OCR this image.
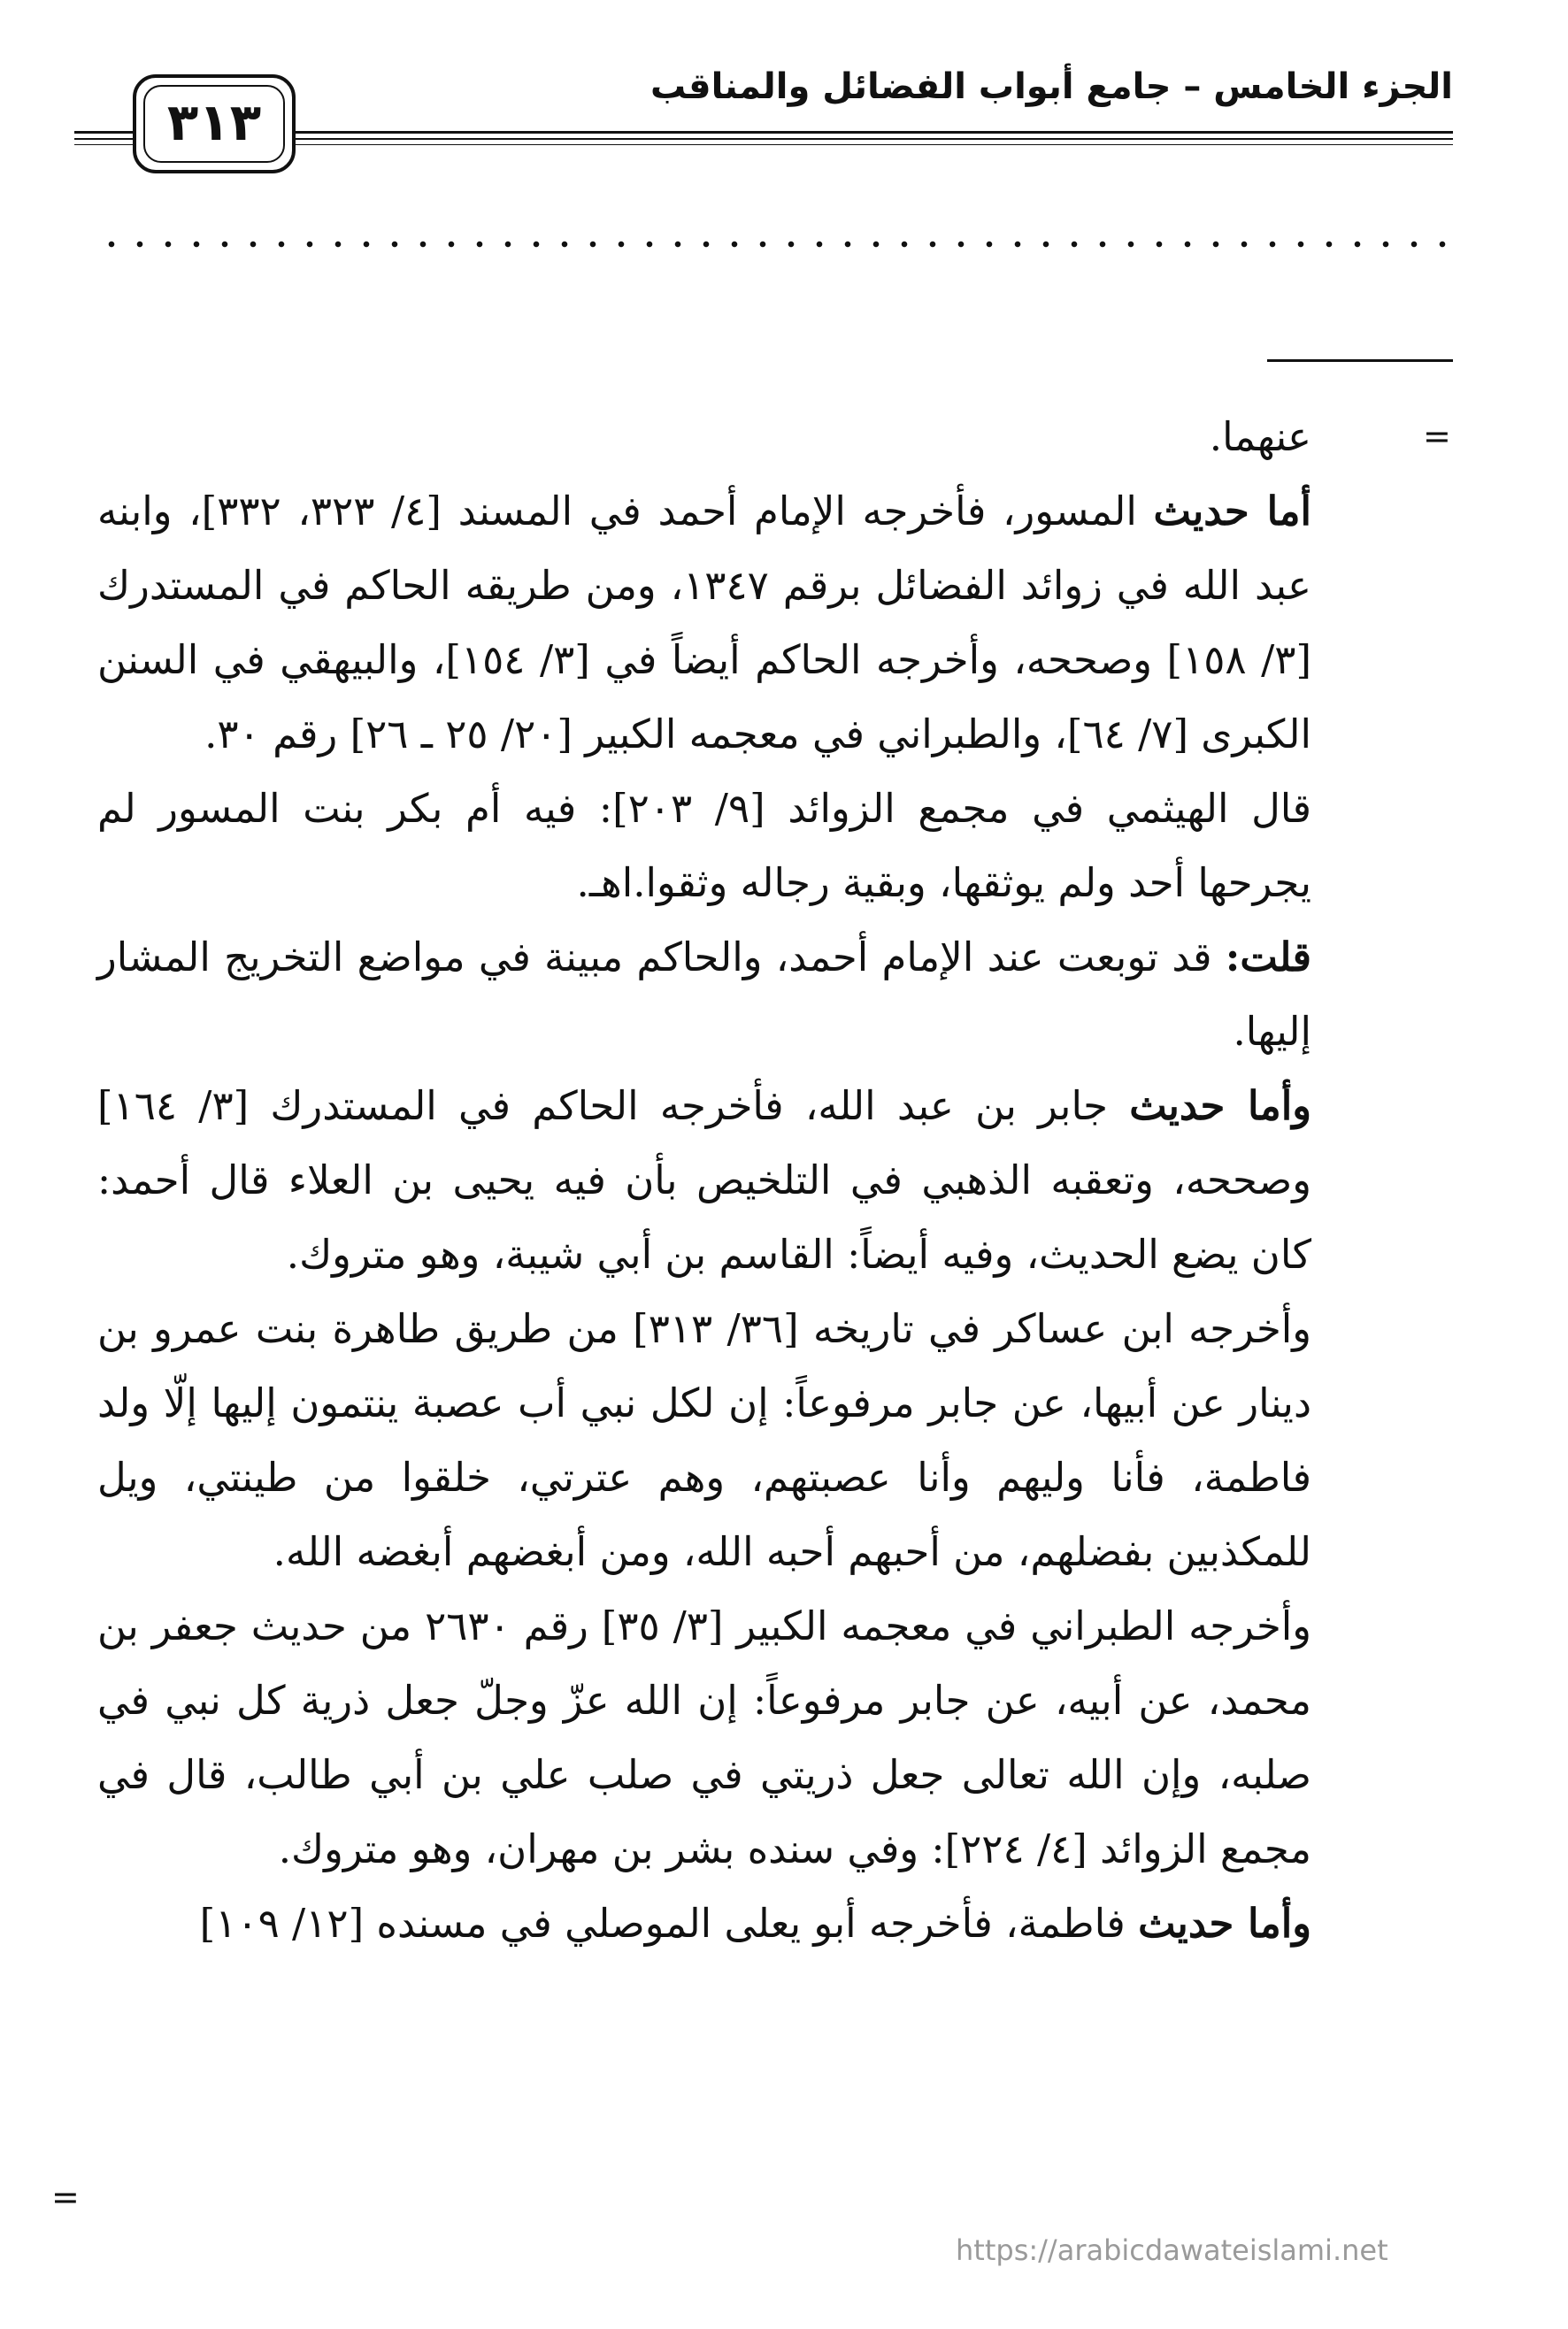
الجزء الخامس – جامع أبواب الفضائل والمناقب
٣١٣
=

عنهما.

أما حديث المسور، فأخرجه الإمام أحمد في المسند [٤/ ٣٢٣، ٣٣٢]، وابنه عبد الله في زوائد الفضائل برقم ١٣٤٧، ومن طريقه الحاكم في المستدرك [٣/ ١٥٨] وصححه، وأخرجه الحاكم أيضاً في [٣/ ١٥٤]، والبيهقي في السنن الكبرى [٧/ ٦٤]، والطبراني في معجمه الكبير [٢٠/ ٢٥ ـ ٢٦] رقم ٣٠.

قال الهيثمي في مجمع الزوائد [٩/ ٢٠٣]: فيه أم بكر بنت المسور لم يجرحها أحد ولم يوثقها، وبقية رجاله وثقوا.اهـ.

قلت: قد توبعت عند الإمام أحمد، والحاكم مبينة في مواضع التخريج المشار إليها.

وأما حديث جابر بن عبد الله، فأخرجه الحاكم في المستدرك [٣/ ١٦٤] وصححه، وتعقبه الذهبي في التلخيص بأن فيه يحيى بن العلاء قال أحمد: كان يضع الحديث، وفيه أيضاً: القاسم بن أبي شيبة، وهو متروك.

وأخرجه ابن عساكر في تاريخه [٣٦/ ٣١٣] من طريق طاهرة بنت عمرو بن دينار عن أبيها، عن جابر مرفوعاً: إن لكل نبي أب عصبة ينتمون إليها إلّا ولد فاطمة، فأنا وليهم وأنا عصبتهم، وهم عترتي، خلقوا من طينتي، ويل للمكذبين بفضلهم، من أحبهم أحبه الله، ومن أبغضهم أبغضه الله.

وأخرجه الطبراني في معجمه الكبير [٣/ ٣٥] رقم ٢٦٣٠ من حديث جعفر بن محمد، عن أبيه، عن جابر مرفوعاً: إن الله عزّ وجلّ جعل ذرية كل نبي في صلبه، وإن الله تعالى جعل ذريتي في صلب علي بن أبي طالب، قال في مجمع الزوائد [٤/ ٢٢٤]: وفي سنده بشر بن مهران، وهو متروك.

وأما حديث فاطمة، فأخرجه أبو يعلى الموصلي في مسنده [١٢/ ١٠٩]

=
https://arabicdawateislami.net
